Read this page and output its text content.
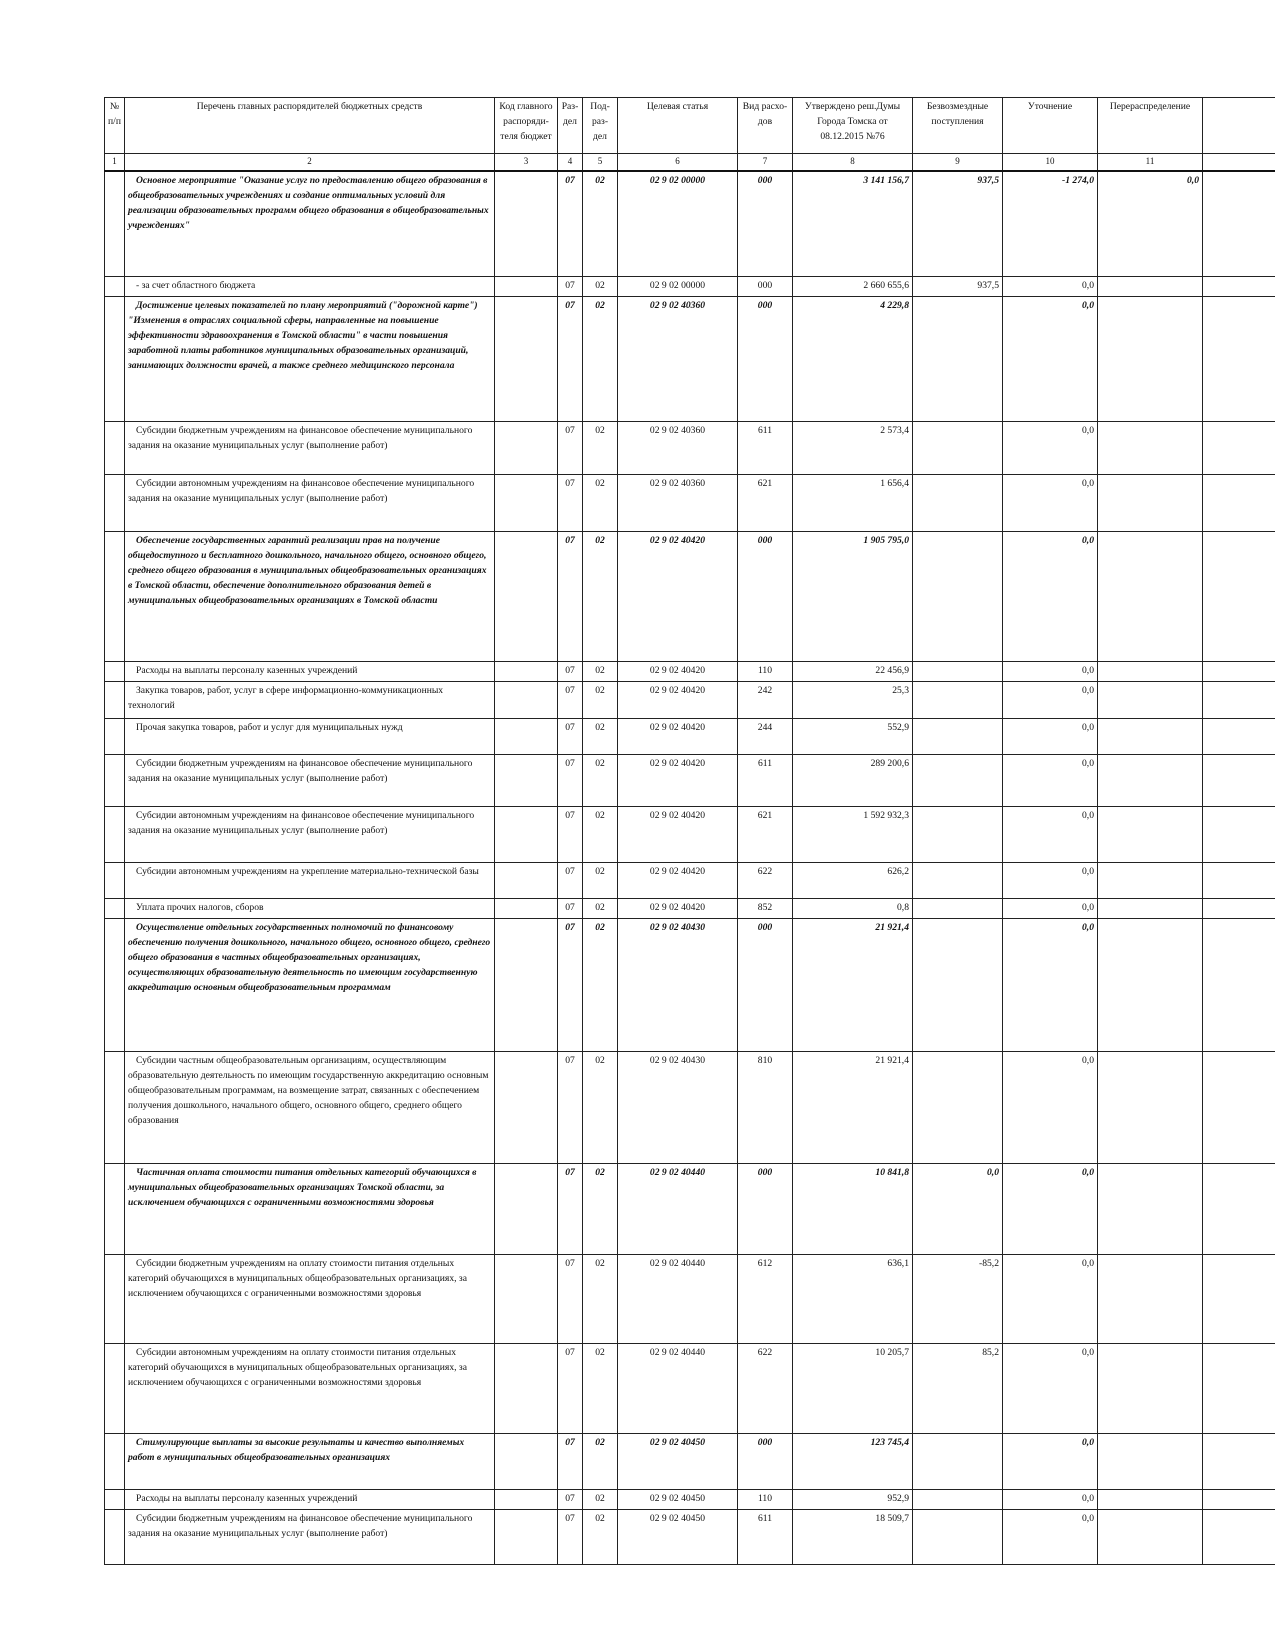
№ п/п	Перечень главных распорядителей бюджетных средств	Код главного распоряди-теля бюджет	Раз-дел	Под-раз-дел	Целевая статья	Вид расхо-дов	Утверждено реш.Думы Города Томска от 08.12.2015 №76	Безвозмездные поступления	Уточнение	Перераспределение	
1	2	3	4	5	6	7	8	9	10	11	
	Основное мероприятие "Оказание услуг по предоставлению общего образования в общеобразовательных учреждениях и создание оптимальных условий для реализации образовательных программ общего образования в общеобразовательных учреждениях"		07	02	02 9 02 00000	000	3 141 156,7	937,5	-1 274,0	0,0	
	- за счет областного бюджета		07	02	02 9 02 00000	000	2 660 655,6	937,5	0,0		
	Достижение целевых показателей по плану мероприятий ("дорожной карте") "Изменения в отраслях социальной сферы, направленные на повышение эффективности здравоохранения в Томской области" в части повышения заработной платы работников муниципальных образовательных организаций, занимающих должности врачей, а также среднего медицинского персонала		07	02	02 9 02 40360	000	4 229,8		0,0		
	Субсидии бюджетным учреждениям на финансовое обеспечение муниципального задания на оказание муниципальных услуг (выполнение работ)		07	02	02 9 02 40360	611	2 573,4		0,0		
	Субсидии автономным учреждениям на финансовое обеспечение муниципального задания на оказание муниципальных услуг (выполнение работ)		07	02	02 9 02 40360	621	1 656,4		0,0		
	Обеспечение государственных гарантий реализации прав на получение общедоступного и бесплатного дошкольного, начального общего, основного общего, среднего общего образования в муниципальных общеобразовательных организациях в Томской области, обеспечение дополнительного образования детей в муниципальных общеобразовательных организациях в Томской области		07	02	02 9 02 40420	000	1 905 795,0		0,0		
	Расходы на выплаты персоналу казенных учреждений		07	02	02 9 02 40420	110	22 456,9		0,0		
	Закупка товаров, работ, услуг в сфере информационно-коммуникационных технологий		07	02	02 9 02 40420	242	25,3		0,0		
	Прочая закупка товаров, работ и услуг для муниципальных нужд		07	02	02 9 02 40420	244	552,9		0,0		
	Субсидии бюджетным учреждениям на финансовое обеспечение муниципального задания на оказание муниципальных услуг (выполнение работ)		07	02	02 9 02 40420	611	289 200,6		0,0		
	Субсидии автономным учреждениям на финансовое обеспечение муниципального задания на оказание муниципальных услуг (выполнение работ)		07	02	02 9 02 40420	621	1 592 932,3		0,0		
	Субсидии автономным учреждениям на укрепление материально-технической базы		07	02	02 9 02 40420	622	626,2		0,0		
	Уплата прочих налогов, сборов		07	02	02 9 02 40420	852	0,8		0,0		
	Осуществление отдельных государственных полномочий по финансовому обеспечению получения дошкольного, начального общего, основного общего, среднего общего образования в частных общеобразовательных организациях, осуществляющих образовательную деятельность по имеющим государственную аккредитацию основным общеобразовательным программам		07	02	02 9 02 40430	000	21 921,4		0,0		
	Субсидии частным общеобразовательным организациям, осуществляющим образовательную деятельность по имеющим государственную аккредитацию основным общеобразовательным программам, на возмещение затрат, связанных с обеспечением получения дошкольного, начального общего, основного общего, среднего общего образования		07	02	02 9 02 40430	810	21 921,4		0,0		
	Частичная оплата стоимости питания отдельных категорий обучающихся в муниципальных общеобразовательных организациях Томской области, за исключением обучающихся с ограниченными возможностями здоровья		07	02	02 9 02 40440	000	10 841,8	0,0	0,0		
	Субсидии бюджетным учреждениям на оплату стоимости питания отдельных категорий обучающихся в муниципальных общеобразовательных организациях, за исключением обучающихся с ограниченными возможностями здоровья		07	02	02 9 02 40440	612	636,1	-85,2	0,0		
	Субсидии автономным учреждениям на оплату стоимости питания отдельных категорий обучающихся в муниципальных общеобразовательных организациях, за исключением обучающихся с ограниченными возможностями здоровья		07	02	02 9 02 40440	622	10 205,7	85,2	0,0		
	Стимулирующие выплаты за высокие результаты и качество выполняемых работ в муниципальных общеобразовательных организациях		07	02	02 9 02 40450	000	123 745,4		0,0		
	Расходы на выплаты персоналу казенных учреждений		07	02	02 9 02 40450	110	952,9		0,0		
	Субсидии бюджетным учреждениям на финансовое обеспечение муниципального задания на оказание муниципальных услуг (выполнение работ)		07	02	02 9 02 40450	611	18 509,7		0,0		
